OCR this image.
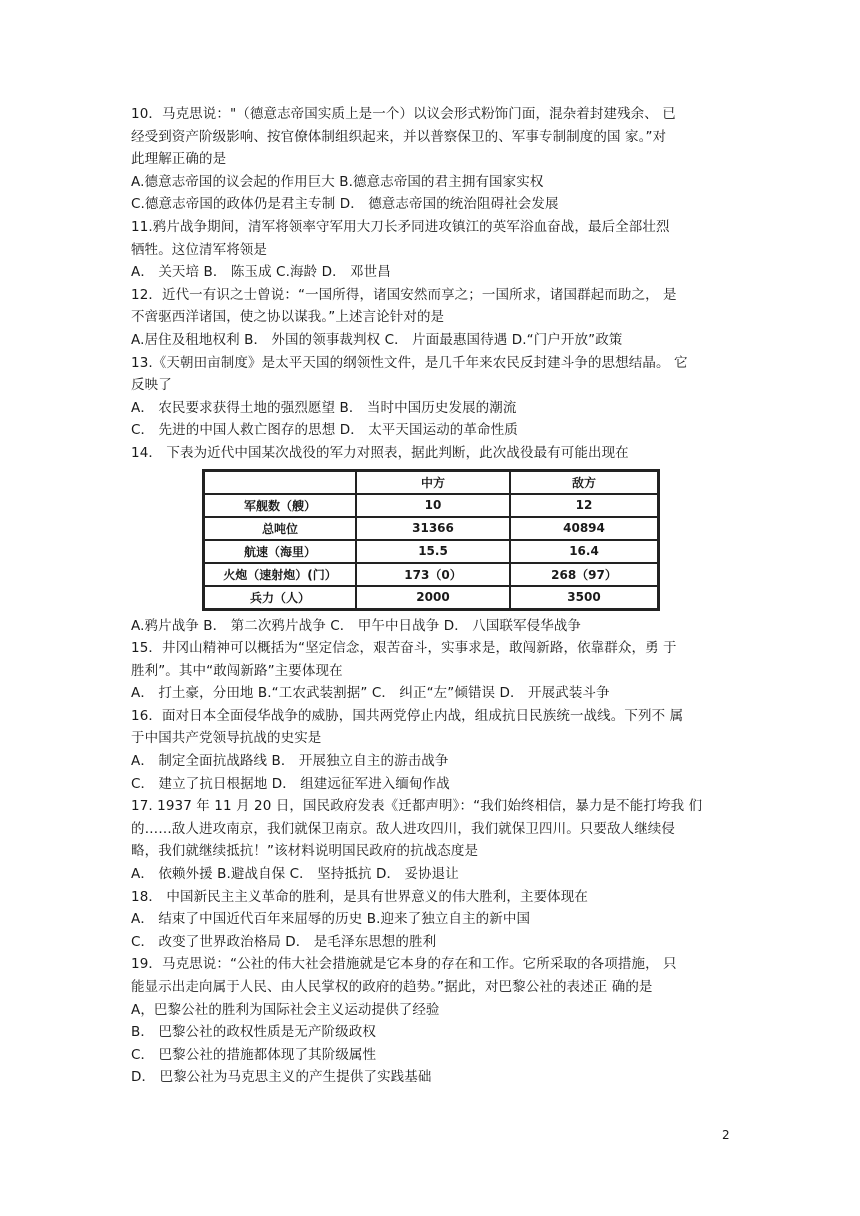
10．马克思说："（德意志帝国实质上是一个）以议会形式粉饰门面，混杂着封建残余、 已
经受到资产阶级影响、按官僚体制组织起来，并以普察保卫的、军事专制制度的国 家。”对
此理解正确的是
A.德意志帝国的议会起的作用巨大 B.德意志帝国的君主拥有国家实权
C.德意志帝国的政体仍是君主专制 D． 德意志帝国的统治阻碍社会发展
11.鸦片战争期间，清军将领率守军用大刀长矛同进攻镇江的英军浴血奋战，最后全部壮烈
牺牲。这位清军将领是
A． 关天培 B． 陈玉成 C.海龄 D． 邓世昌
12．近代一有识之士曾说：“一国所得，诸国安然而享之；一国所求，诸国群起而助之， 是
不啻驱西洋诸国，使之协以谋我。”上述言论针对的是
A.居住及租地权利 B． 外国的领事裁判权 C． 片面最惠国待遇 D.“门户开放”政策
13.《天朝田亩制度》是太平天国的纲领性文件，是几千年来农民反封建斗争的思想结晶。 它
反映了
A． 农民要求获得土地的强烈愿望 B． 当时中国历史发展的潮流
C． 先进的中国人救亡图存的思想 D． 太平天国运动的革命性质
14． 下表为近代中国某次战役的军力对照表，据此判断，此次战役最有可能出现在
	中方	敌方
军舰数（艘）	10	12
总吨位	31366	40894
航速（海里）	15.5	16.4
火炮（速射炮）(门）	173（0）	268（97）
兵力（人）	2000	3500
A.鸦片战争 B． 第二次鸦片战争 C． 甲午中日战争 D． 八国联军侵华战争
15．井冈山精神可以概括为“坚定信念，艰苦奋斗，实事求是，敢闯新路，依靠群众，勇 于
胜利”。其中“敢闯新路”主要体现在
A． 打土豪，分田地 B.“工农武装割据” C． 纠正“左”倾错误 D． 开展武装斗争
16．面对日本全面侵华战争的威胁，国共两党停止内战，组成抗日民族统一战线。下列不 属
于中国共产党领导抗战的史实是
A． 制定全面抗战路线 B． 开展独立自主的游击战争
C． 建立了抗日根据地 D． 组建远征军进入缅甸作战
17. 1937 年 11 月 20 日，国民政府发表《迁都声明》：“我们始终相信，暴力是不能打垮我 们
的……敌人进攻南京，我们就保卫南京。敌人进攻四川，我们就保卫四川。只要敌人继续侵
略，我们就继续抵抗！”该材料说明国民政府的抗战态度是
A． 依赖外援 B.避战自保 C． 坚持抵抗 D． 妥协退让
18． 中国新民主主义革命的胜利，是具有世界意义的伟大胜利，主要体现在
A． 结束了中国近代百年来屈辱的历史 B.迎来了独立自主的新中国
C． 改变了世界政治格局 D． 是毛泽东思想的胜利
19．马克思说：“公社的伟大社会措施就是它本身的存在和工作。它所采取的各项措施， 只
能显示出走向属于人民、由人民掌权的政府的趋势。”据此，对巴黎公社的表述正 确的是
A，巴黎公社的胜利为国际社会主义运动提供了经验
B． 巴黎公社的政权性质是无产阶级政权
C． 巴黎公社的措施都体现了其阶级属性
D． 巴黎公社为马克思主义的产生提供了实践基础
2
